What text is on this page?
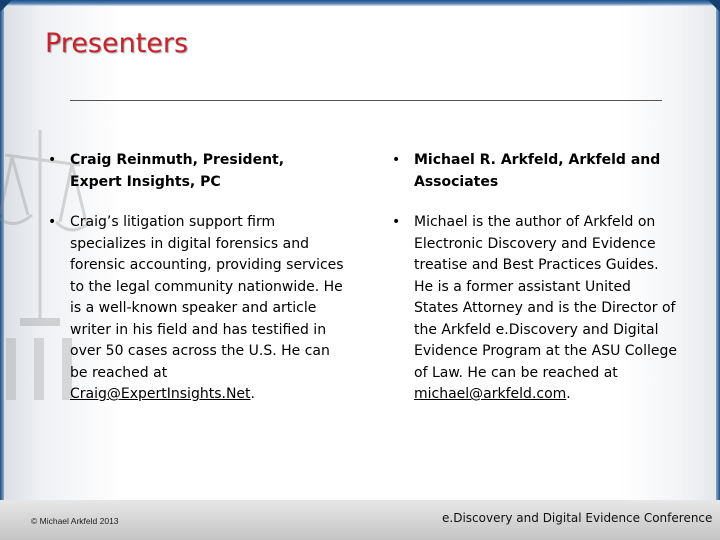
Presenters
• Craig Reinmuth, President, Expert Insights, PC
• Craig’s litigation support firm specializes in digital forensics and forensic accounting, providing services to the legal community nationwide. He is a well-known speaker and article writer in his field and has testified in over 50 cases across the U.S. He can be reached at Craig@ExpertInsights.Net.
• Michael R. Arkfeld, Arkfeld and Associates
• Michael is the author of Arkfeld on Electronic Discovery and Evidence treatise and Best Practices Guides. He is a former assistant United States Attorney and is the Director of the Arkfeld e.Discovery and Digital Evidence Program at the ASU College of Law. He can be reached at michael@arkfeld.com.
© Michael Arkfeld 2013	e.Discovery and Digital Evidence Conference
